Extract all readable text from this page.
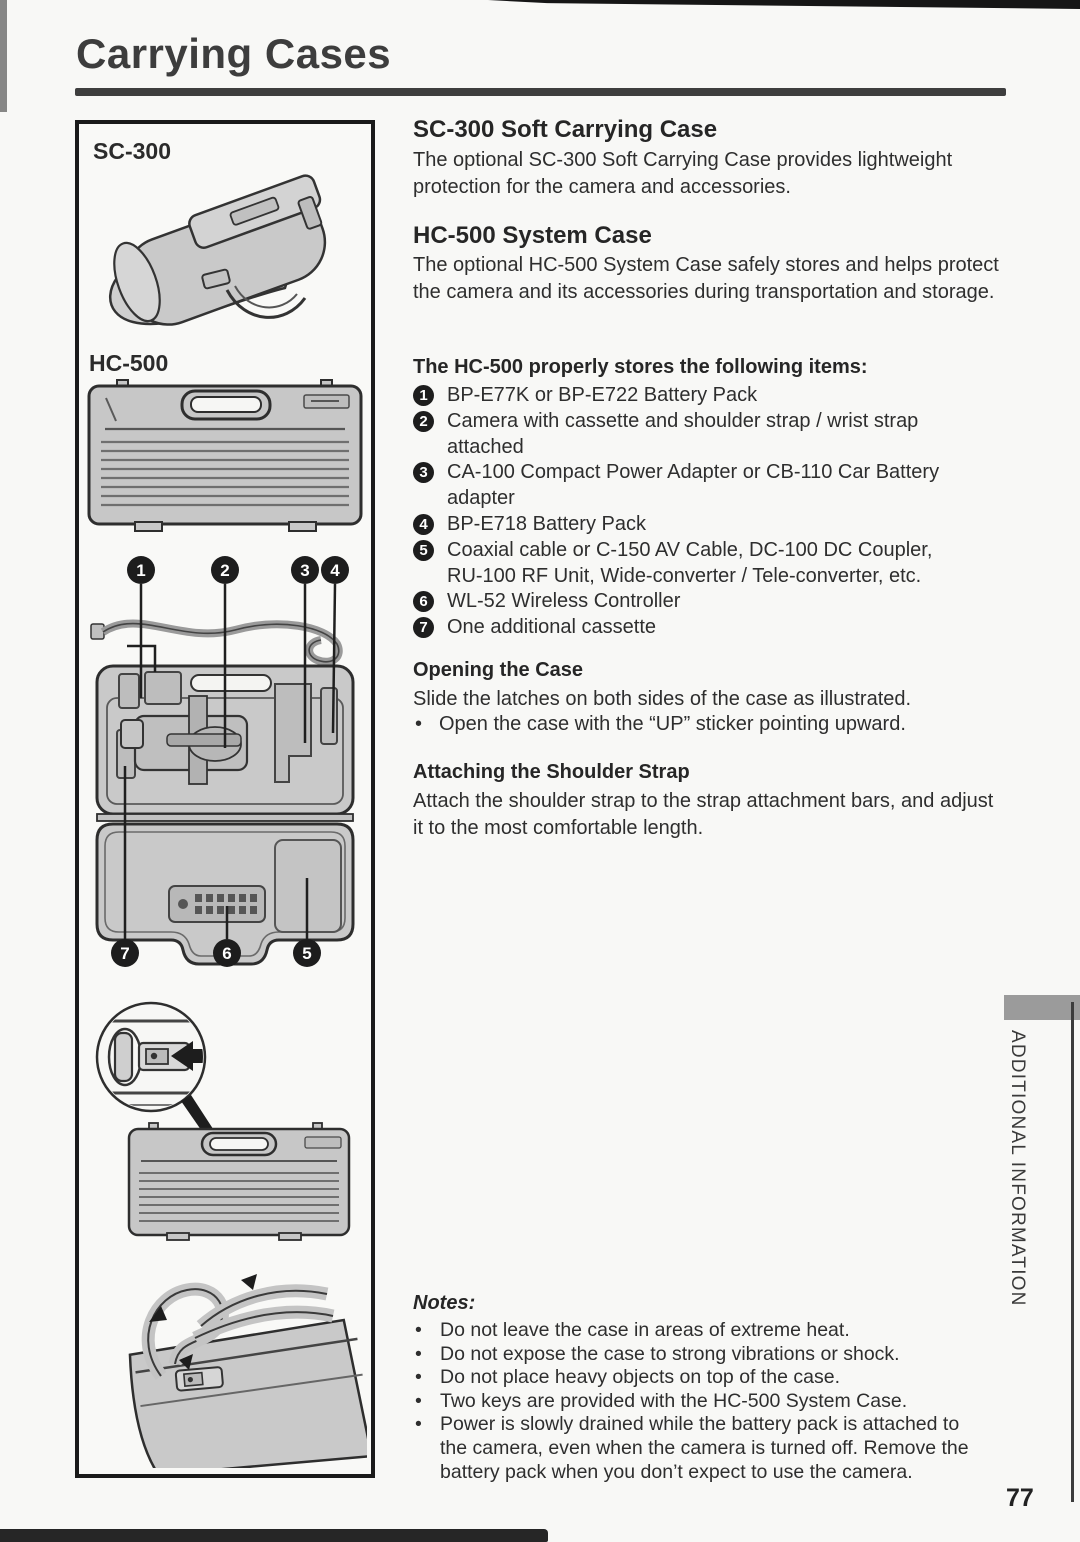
Carrying Cases
ADDITIONAL INFORMATION
77
SC-300
HC-500
1	2	3 4
7	6	5
SC-300 Soft Carrying Case
The optional SC-300 Soft Carrying Case provides lightweight protection for the camera and accessories.
HC-500 System Case
The optional HC-500 System Case safely stores and helps protect the camera and its accessories during transportation and storage.
The HC-500 properly stores the following items:
1 BP-E77K or BP-E722 Battery Pack
2 Camera with cassette and shoulder strap / wrist strap attached
3 CA-100 Compact Power Adapter or CB-110 Car Battery adapter
4 BP-E718 Battery Pack
5 Coaxial cable or C-150 AV Cable, DC-100 DC Coupler, RU-100 RF Unit, Wide-converter / Tele-converter, etc.
6 WL-52 Wireless Controller
7 One additional cassette
Opening the Case
Slide the latches on both sides of the case as illustrated.
• Open the case with the “UP” sticker pointing upward.
Attaching the Shoulder Strap
Attach the shoulder strap to the strap attachment bars, and adjust it to the most comfortable length.
Notes:
• Do not leave the case in areas of extreme heat.
• Do not expose the case to strong vibrations or shock.
• Do not place heavy objects on top of the case.
• Two keys are provided with the HC-500 System Case.
• Power is slowly drained while the battery pack is attached to the camera, even when the camera is turned off. Remove the battery pack when you don’t expect to use the camera.
